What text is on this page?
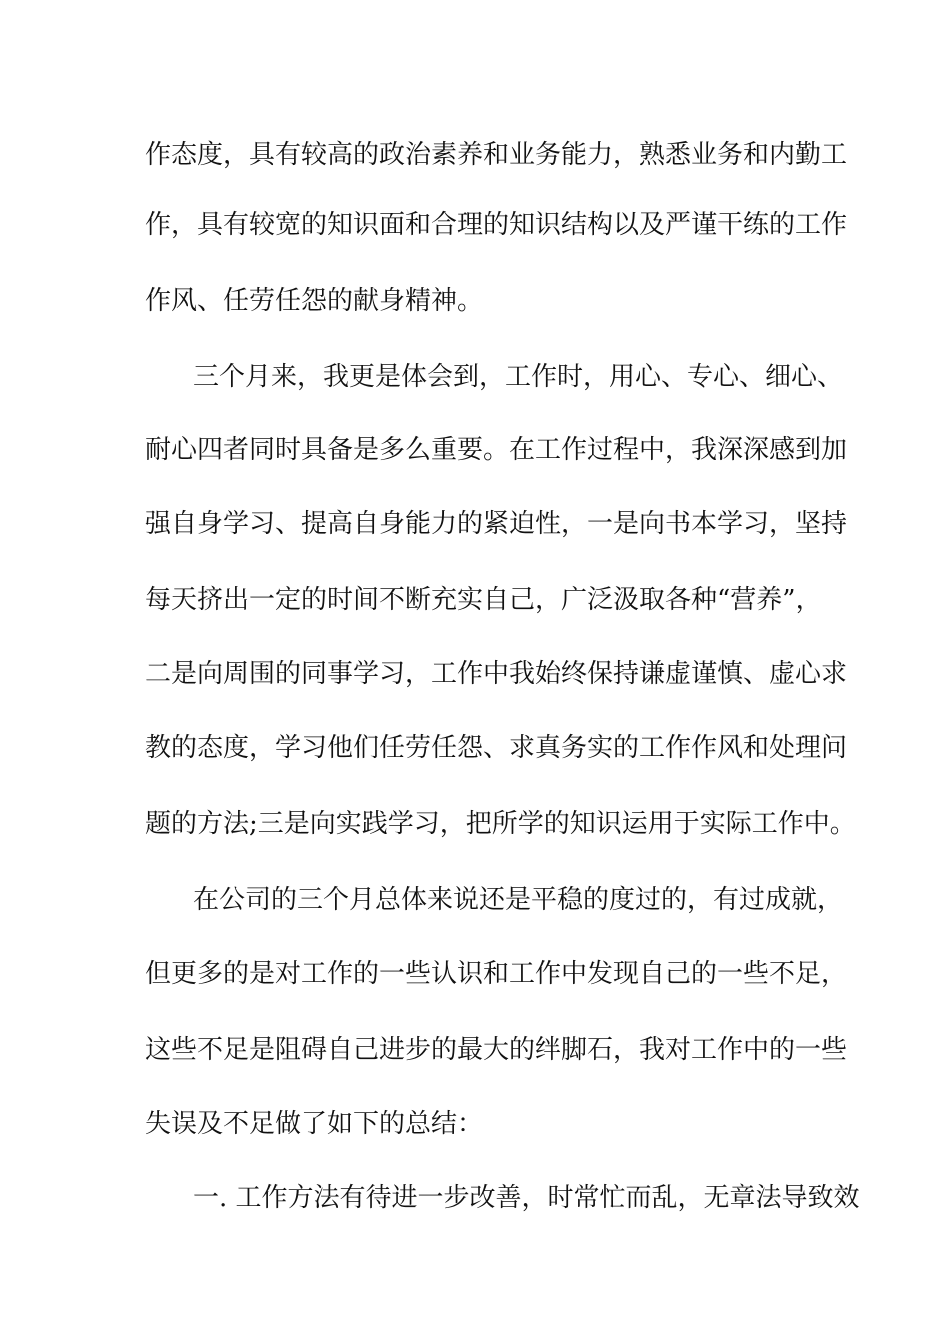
作态度，具有较高的政治素养和业务能力，熟悉业务和内勤工
作，具有较宽的知识面和合理的知识结构以及严谨干练的工作
作风、任劳任怨的献身精神。
三个月来，我更是体会到，工作时，用心、专心、细心、
耐心四者同时具备是多么重要。在工作过程中，我深深感到加
强自身学习、提高自身能力的紧迫性，一是向书本学习，坚持
每天挤出一定的时间不断充实自己，广泛汲取各种“营养”，
二是向周围的同事学习，工作中我始终保持谦虚谨慎、虚心求
教的态度，学习他们任劳任怨、求真务实的工作作风和处理问
题的方法;三是向实践学习，把所学的知识运用于实际工作中。
在公司的三个月总体来说还是平稳的度过的，有过成就，
但更多的是对工作的一些认识和工作中发现自己的一些不足，
这些不足是阻碍自己进步的最大的绊脚石，我对工作中的一些
失误及不足做了如下的总结：
一. 工作方法有待进一步改善，时常忙而乱，无章法导致效
